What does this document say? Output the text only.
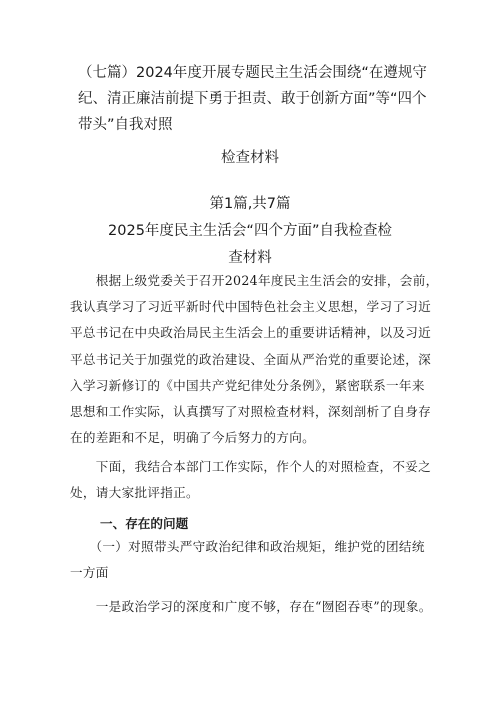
（七篇）2024年度开展专题民主生活会围绕“在遵规守
纪、清正廉洁前提下勇于担责、敢于创新方面”等“四个
带头”自我对照
检查材料
第1篇,共7篇
2025年度民主生活会“四个方面”自我检查检
查材料
　　根据上级党委关于召开2024年度民主生活会的安排，会前，
我认真学习了习近平新时代中国特色社会主义思想，学习了习近
平总书记在中央政治局民主生活会上的重要讲话精神，以及习近
平总书记关于加强党的政治建设、全面从严治党的重要论述，深
入学习新修订的《中国共产党纪律处分条例》，紧密联系一年来
思想和工作实际，认真撰写了对照检查材料，深刻剖析了自身存
在的差距和不足，明确了今后努力的方向。
　　下面，我结合本部门工作实际，作个人的对照检查，不妥之
处，请大家批评指正。
一、存在的问题
　　（一）对照带头严守政治纪律和政治规矩，维护党的团结统
一方面
　　一是政治学习的深度和广度不够，存在“囫囵吞枣”的现象。
